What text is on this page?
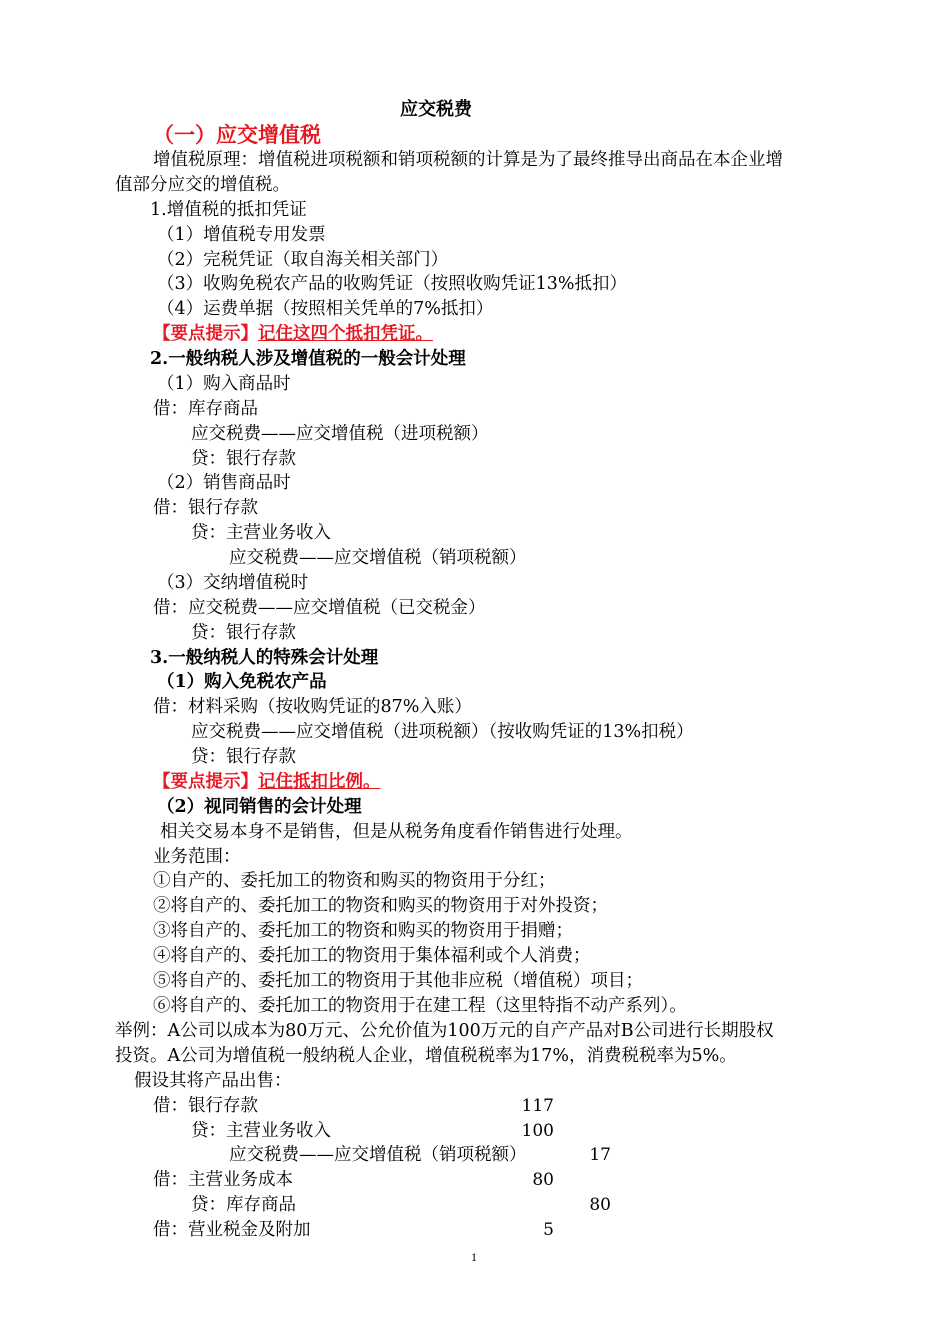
应交税费
（一）应交增值税
增值税原理：增值税进项税额和销项税额的计算是为了最终推导出商品在本企业增
值部分应交的增值税。
1.增值税的抵扣凭证
（1）增值税专用发票
（2）完税凭证（取自海关相关部门）
（3）收购免税农产品的收购凭证（按照收购凭证13%抵扣）
（4）运费单据（按照相关凭单的7%抵扣）
【要点提示】记住这四个抵扣凭证。
2.一般纳税人涉及增值税的一般会计处理
（1）购入商品时
借：库存商品
应交税费——应交增值税（进项税额）
贷：银行存款
（2）销售商品时
借：银行存款
贷：主营业务收入
应交税费——应交增值税（销项税额）
（3）交纳增值税时
借：应交税费——应交增值税（已交税金）
贷：银行存款
3.一般纳税人的特殊会计处理
（1）购入免税农产品
借：材料采购（按收购凭证的87%入账）
应交税费——应交增值税（进项税额）（按收购凭证的13%扣税）
贷：银行存款
【要点提示】记住抵扣比例。
（2）视同销售的会计处理
相关交易本身不是销售，但是从税务角度看作销售进行处理。
业务范围：
①自产的、委托加工的物资和购买的物资用于分红；
②将自产的、委托加工的物资和购买的物资用于对外投资；
③将自产的、委托加工的物资和购买的物资用于捐赠；
④将自产的、委托加工的物资用于集体福利或个人消费；
⑤将自产的、委托加工的物资用于其他非应税（增值税）项目；
⑥将自产的、委托加工的物资用于在建工程（这里特指不动产系列）。
举例：A公司以成本为80万元、公允价值为100万元的自产产品对B公司进行长期股权
投资。A公司为增值税一般纳税人企业，增值税税率为17%，消费税税率为5%。
假设其将产品出售：
借：银行存款	117
贷：主营业务收入	100
应交税费——应交增值税（销项税额）	17
借：主营业务成本	80
贷：库存商品	80
借：营业税金及附加	5
1
